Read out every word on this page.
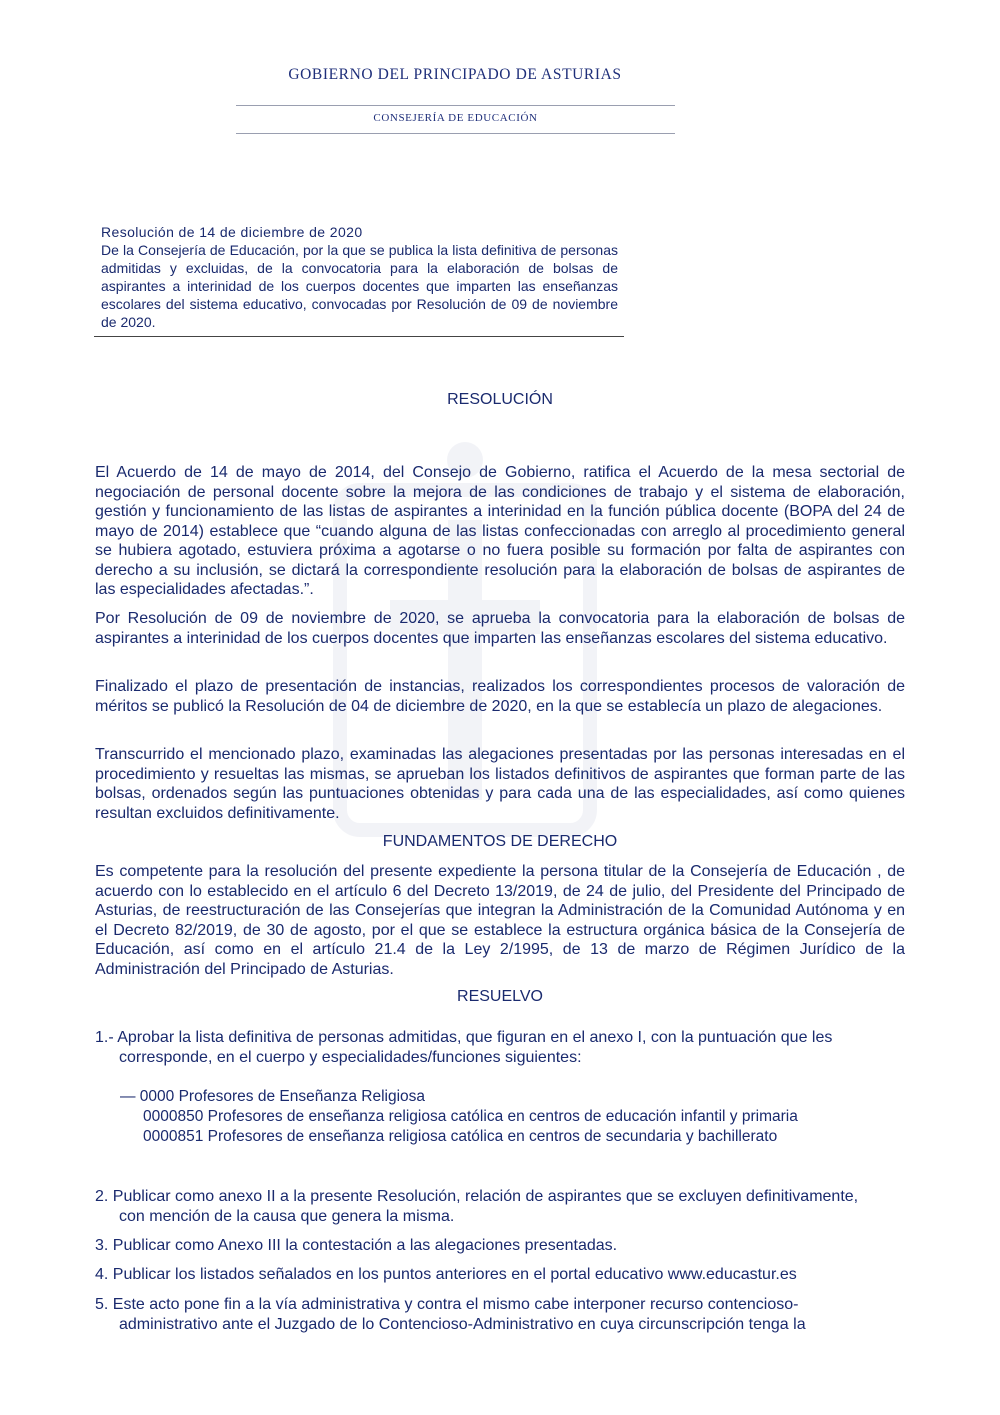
GOBIERNO DEL PRINCIPADO DE ASTURIAS
CONSEJERÍA DE EDUCACIÓN
Resolución de 14 de diciembre de 2020
De la Consejería de Educación, por la que se publica la lista definitiva de personas admitidas y excluidas, de la convocatoria para la elaboración de bolsas de aspirantes a interinidad de los cuerpos docentes que imparten las enseñanzas escolares del sistema educativo, convocadas por Resolución de 09 de noviembre de 2020.
RESOLUCIÓN
El Acuerdo de 14 de mayo de 2014, del Consejo de Gobierno, ratifica el Acuerdo de la mesa sectorial de negociación de personal docente sobre la mejora de las condiciones de trabajo y el sistema de elaboración, gestión y funcionamiento de las listas de aspirantes a interinidad en la función pública docente (BOPA del 24 de mayo de 2014) establece que “cuando alguna de las listas confeccionadas con arreglo al procedimiento general se hubiera agotado, estuviera próxima a agotarse o no fuera posible su formación por falta de aspirantes con derecho a su inclusión, se dictará la correspondiente resolución para la elaboración de bolsas de aspirantes de las especialidades afectadas.”.
Por Resolución de 09 de noviembre de 2020, se aprueba la convocatoria para la elaboración de bolsas de aspirantes a interinidad de los cuerpos docentes que imparten las enseñanzas escolares del sistema educativo.
Finalizado el plazo de presentación de instancias, realizados los correspondientes procesos de valoración de méritos se publicó la Resolución de 04 de diciembre de 2020, en la que se establecía un plazo de alegaciones.
Transcurrido el mencionado plazo, examinadas las alegaciones presentadas por las personas interesadas en el procedimiento y resueltas las mismas, se aprueban los listados definitivos de aspirantes que forman parte de las bolsas, ordenados según las puntuaciones obtenidas y para cada una de las especialidades, así como quienes resultan excluidos definitivamente.
FUNDAMENTOS DE DERECHO
Es competente para la resolución del presente expediente la persona titular de la Consejería de Educación , de acuerdo con lo establecido en el artículo 6 del Decreto 13/2019, de 24 de julio, del Presidente del Principado de Asturias, de reestructuración de las Consejerías que integran la Administración de la Comunidad Autónoma y en el Decreto 82/2019, de 30 de agosto, por el que se establece la estructura orgánica básica de la Consejería de Educación, así como en el artículo 21.4 de la Ley 2/1995, de 13 de marzo de Régimen Jurídico de la Administración del Principado de Asturias.
RESUELVO
1.- Aprobar la lista definitiva de personas admitidas, que figuran en el anexo I, con la puntuación que les
corresponde, en el cuerpo y especialidades/funciones siguientes:
— 0000 Profesores de Enseñanza Religiosa
0000850 Profesores de enseñanza religiosa católica en centros de educación infantil y primaria
0000851 Profesores de enseñanza religiosa católica en centros de secundaria y bachillerato
2. Publicar como anexo II a la presente Resolución, relación de aspirantes que se excluyen definitivamente,
con mención de la causa que genera la misma.
3. Publicar como Anexo III la contestación a las alegaciones presentadas.
4. Publicar los listados señalados en los puntos anteriores en el portal educativo www.educastur.es
5. Este acto pone fin a la vía administrativa y contra el mismo cabe interponer recurso contencioso-
administrativo ante el Juzgado de lo Contencioso-Administrativo en cuya circunscripción tenga la
